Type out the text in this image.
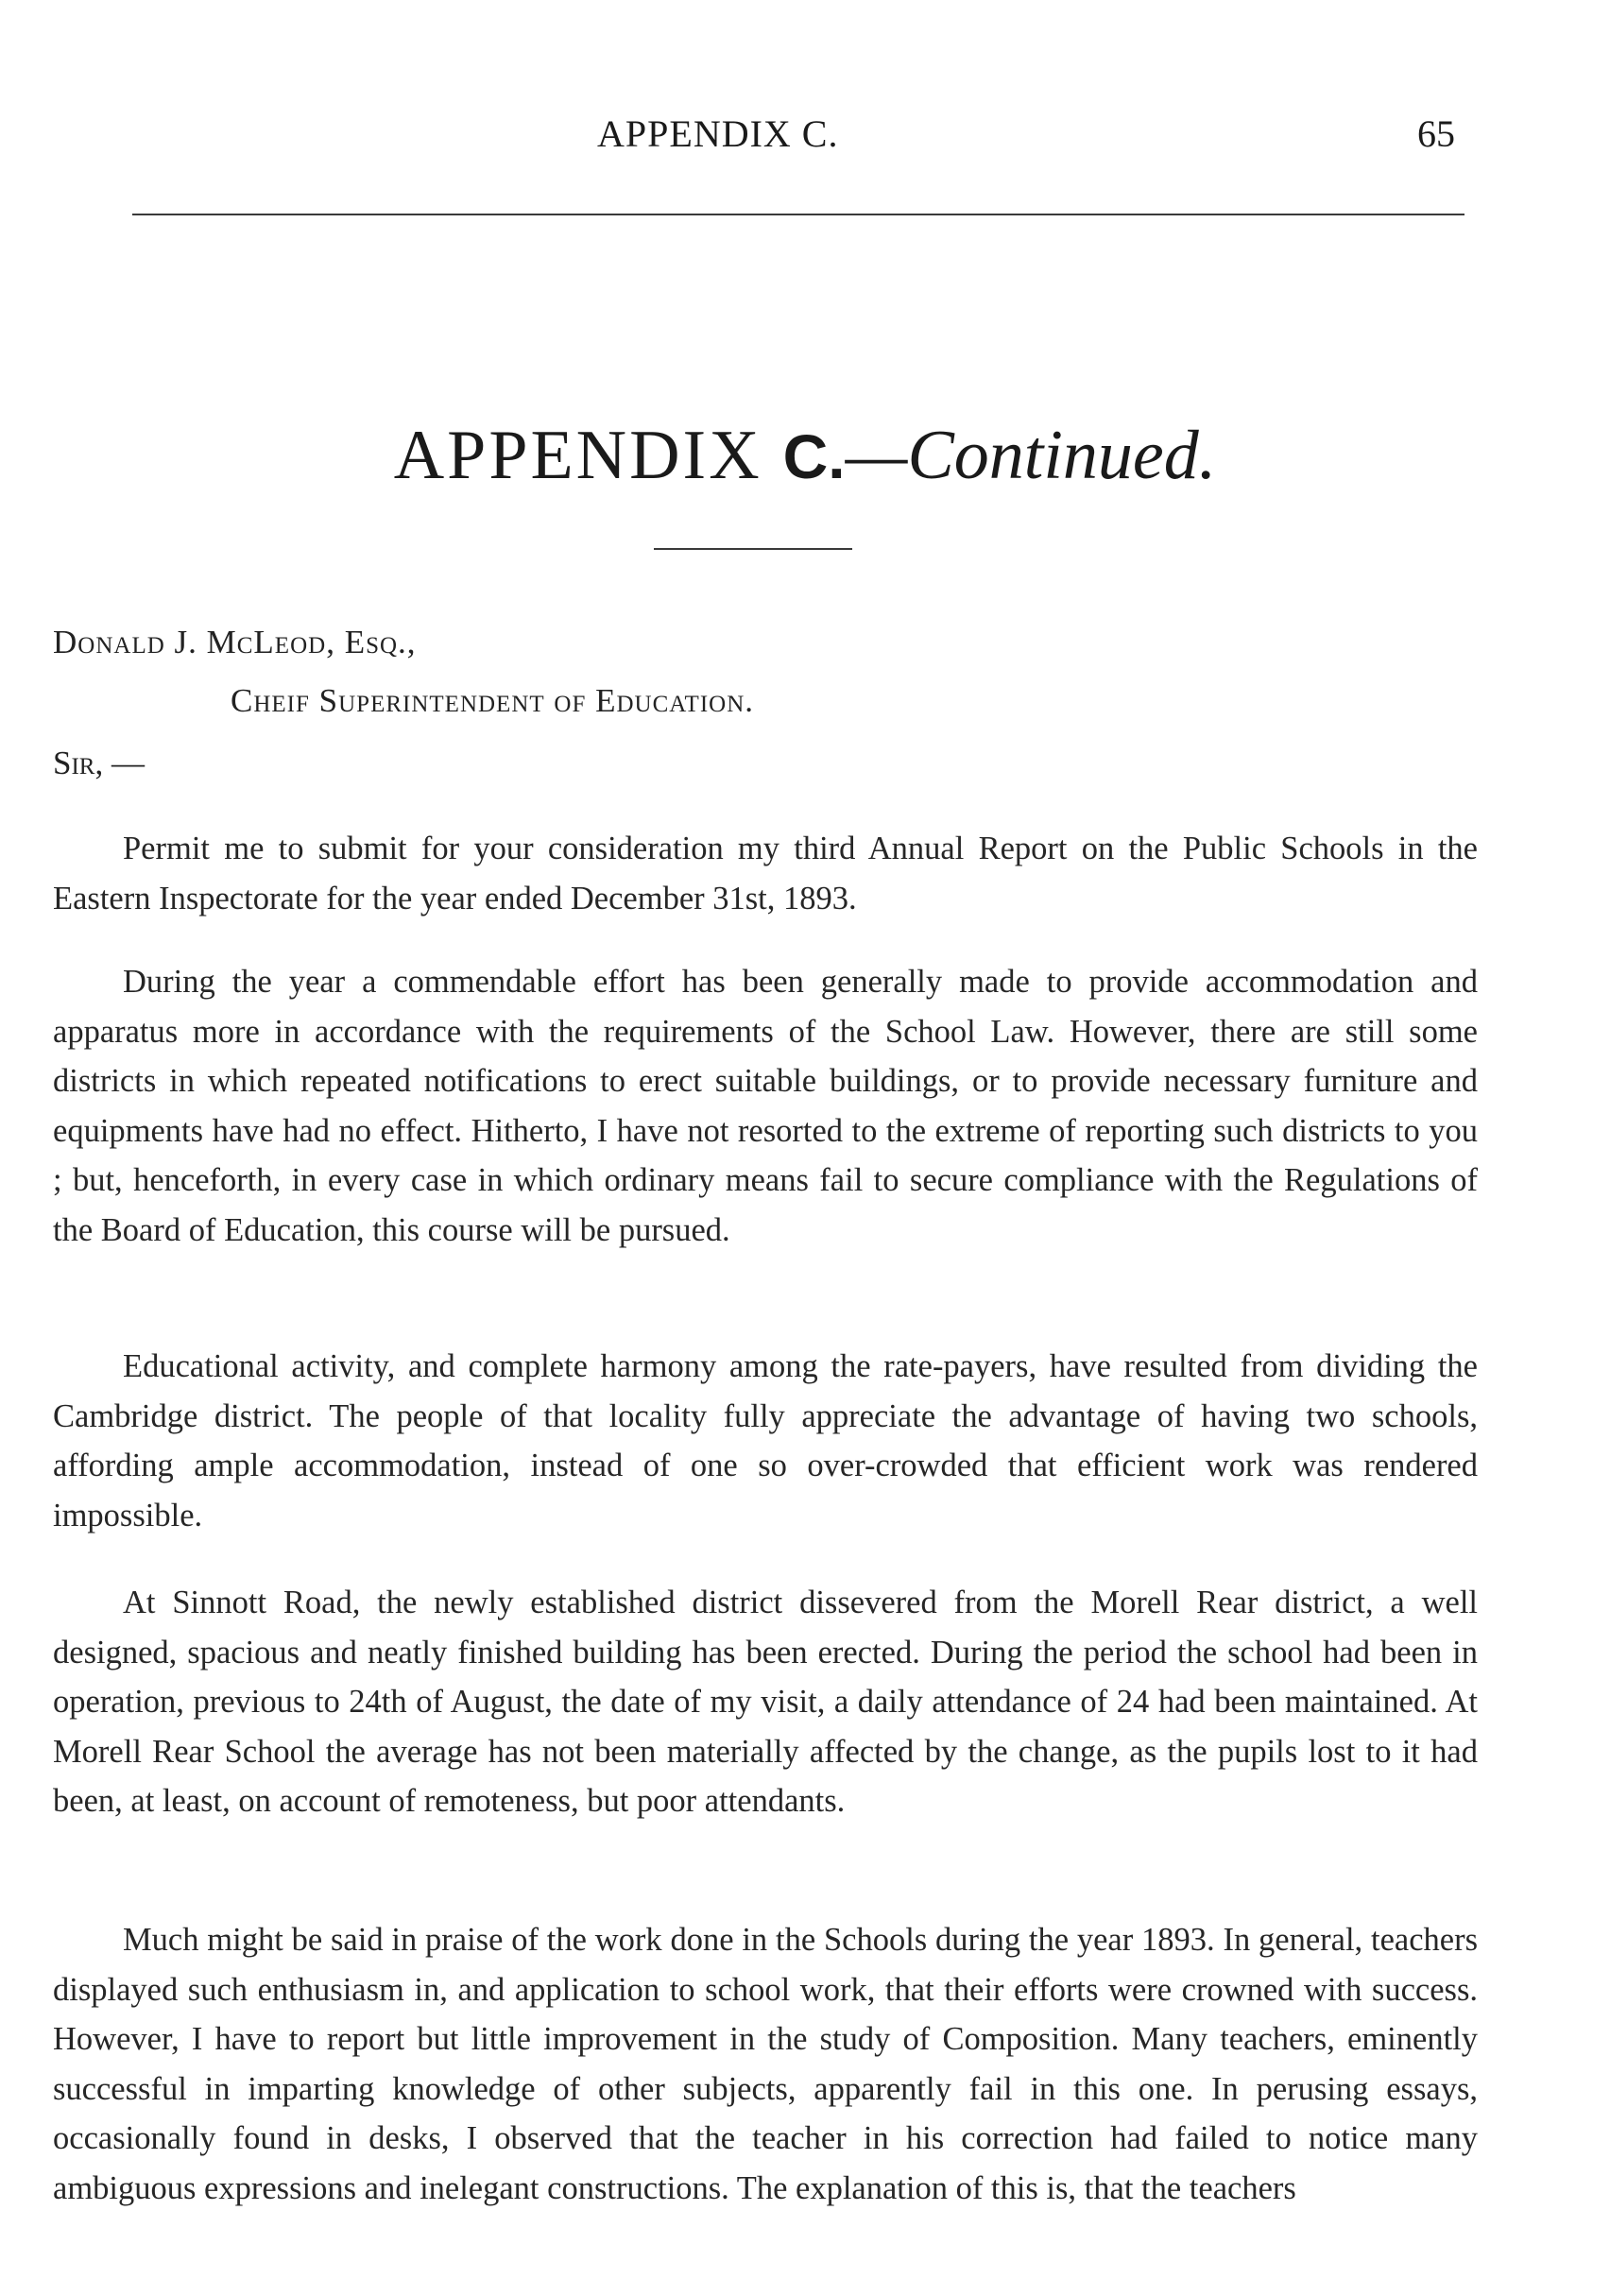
APPENDIX C.	65
APPENDIX C.—Continued.
Donald J. McLeod, Esq.,
Cheif Superintendent of Education.
Sir, —

Permit me to submit for your consideration my third Annual Report on the Public Schools in the Eastern Inspectorate for the year ended December 31st, 1893.

During the year a commendable effort has been generally made to provide accommodation and apparatus more in accordance with the requirements of the School Law. However, there are still some districts in which repeated notifications to erect suitable buildings, or to provide necessary furniture and equipments have had no effect. Hitherto, I have not resorted to the extreme of reporting such districts to you ; but, henceforth, in every case in which ordinary means fail to secure compliance with the Regulations of the Board of Education, this course will be pursued.

Educational activity, and complete harmony among the rate-payers, have resulted from dividing the Cambridge district. The people of that locality fully appreciate the advantage of having two schools, affording ample accommodation, instead of one so over-crowded that efficient work was rendered impossible.

At Sinnott Road, the newly established district dissevered from the Morell Rear district, a well designed, spacious and neatly finished building has been erected. During the period the school had been in operation, previous to 24th of August, the date of my visit, a daily attendance of 24 had been maintained. At Morell Rear School the average has not been materially affected by the change, as the pupils lost to it had been, at least, on account of remoteness, but poor attendants.

Much might be said in praise of the work done in the Schools during the year 1893. In general, teachers displayed such enthusiasm in, and application to school work, that their efforts were crowned with success. However, I have to report but little improvement in the study of Composition. Many teachers, eminently successful in imparting knowledge of other subjects, apparently fail in this one. In perusing essays, occasionally found in desks, I observed that the teacher in his correction had failed to notice many ambiguous expressions and inelegant constructions. The explanation of this is, that the teachers
